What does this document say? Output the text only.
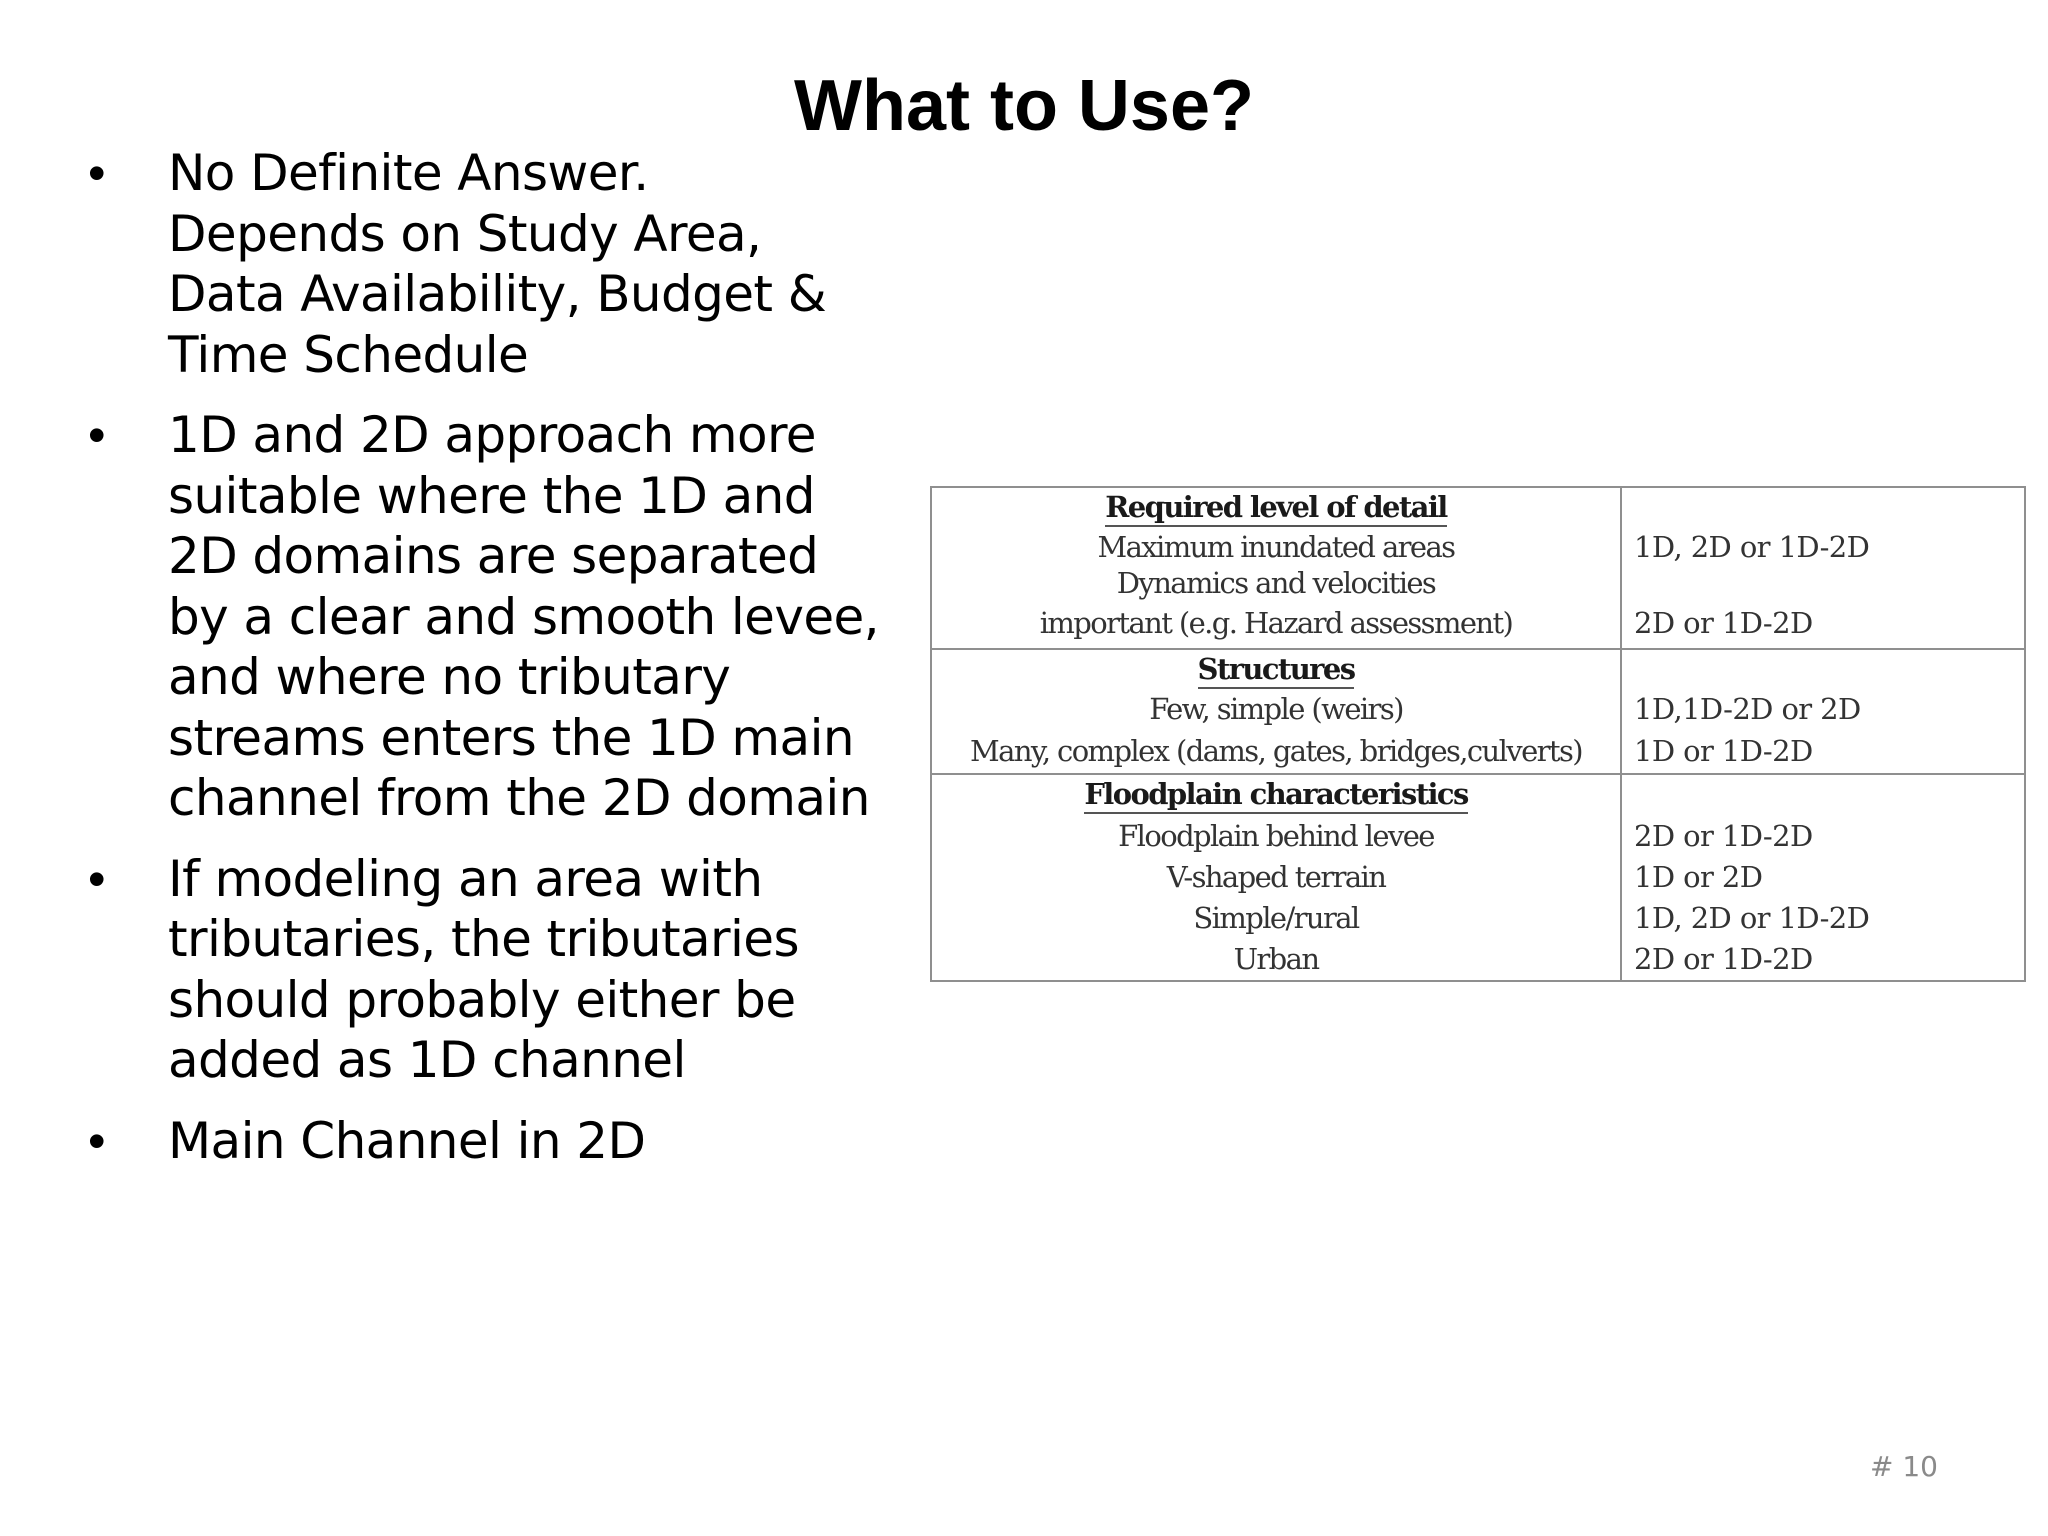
What to Use?
• No Definite Answer.
Depends on Study Area,
Data Availability, Budget &
Time Schedule
• 1D and 2D approach more
suitable where the 1D and
2D domains are separated
by a clear and smooth levee,
and where no tributary
streams enters the 1D main
channel from the 2D domain
• If modeling an area with
tributaries, the tributaries
should probably either be
added as 1D channel
• Main Channel in 2D
Required level of detail
Maximum inundated areas	1D, 2D or 1D-2D
Dynamics and velocities
important (e.g. Hazard assessment)	2D or 1D-2D
Structures
Few, simple (weirs)	1D,1D-2D or 2D
Many, complex (dams, gates, bridges,culverts)	1D or 1D-2D
Floodplain characteristics
Floodplain behind levee	2D or 1D-2D
V-shaped terrain	1D or 2D
Simple/rural	1D, 2D or 1D-2D
Urban	2D or 1D-2D
# 10
